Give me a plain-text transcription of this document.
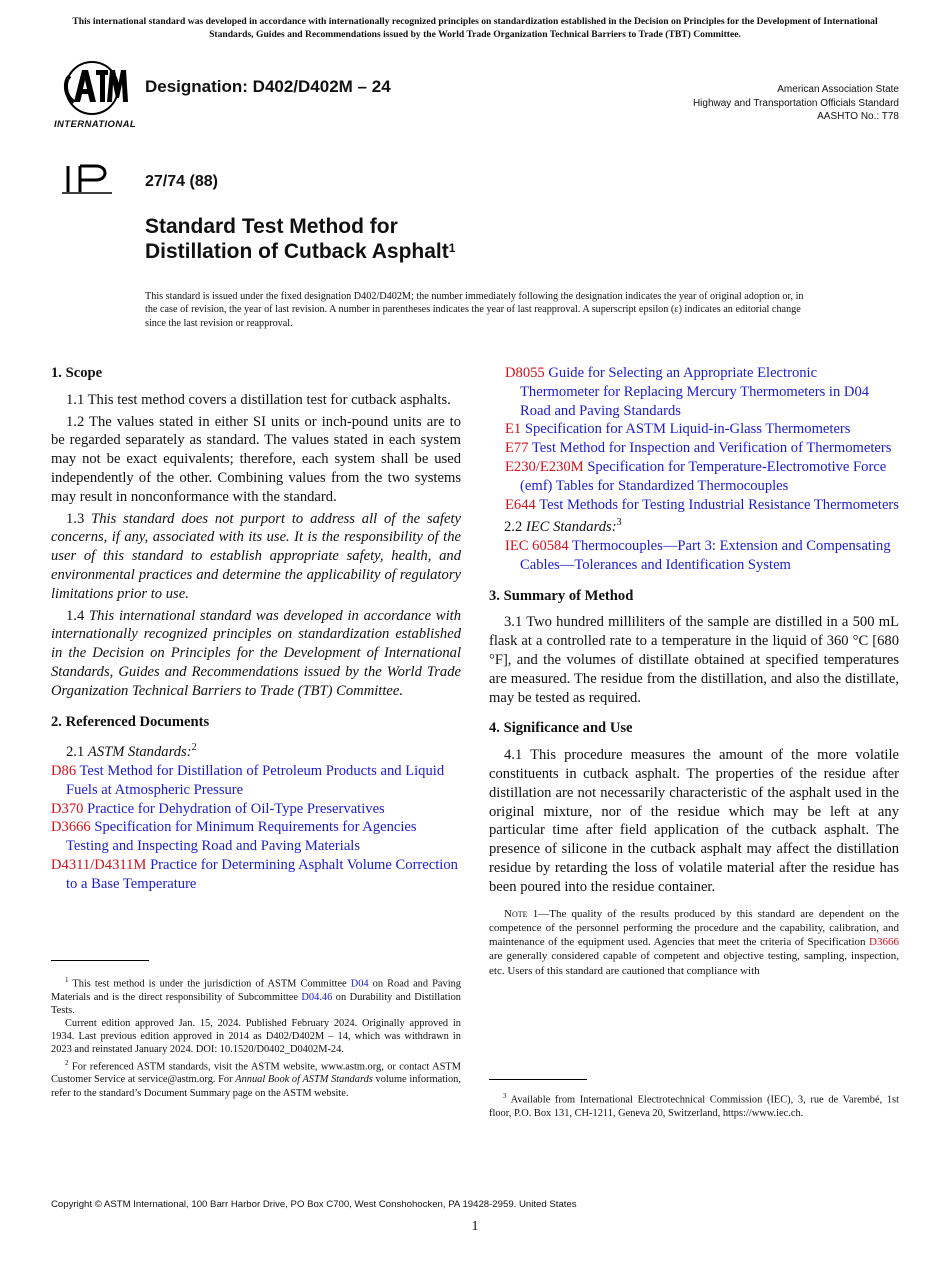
This international standard was developed in accordance with internationally recognized principles on standardization established in the Decision on Principles for the Development of International Standards, Guides and Recommendations issued by the World Trade Organization Technical Barriers to Trade (TBT) Committee.
INTERNATIONAL
Designation: D402/D402M – 24	American Association State
Highway and Transportation Officials Standard
AASHTO No.: T78
27/74 (88)
Standard Test Method for
Distillation of Cutback Asphalt$^1$
This standard is issued under the fixed designation D402/D402M; the number immediately following the designation indicates the year of original adoption or, in the case of revision, the year of last revision. A number in parentheses indicates the year of last reapproval. A superscript epsilon (ε) indicates an editorial change since the last revision or reapproval.
1. Scope

1.1 This test method covers a distillation test for cutback asphalts.

1.2 The values stated in either SI units or inch-pound units are to be regarded separately as standard. The values stated in each system may not be exact equivalents; therefore, each system shall be used independently of the other. Combining values from the two systems may result in nonconformance with the standard.

1.3 This standard does not purport to address all of the safety concerns, if any, associated with its use. It is the responsibility of the user of this standard to establish appropriate safety, health, and environmental practices and determine the applicability of regulatory limitations prior to use.

1.4 This international standard was developed in accordance with internationally recognized principles on standardization established in the Decision on Principles for the Development of International Standards, Guides and Recommendations issued by the World Trade Organization Technical Barriers to Trade (TBT) Committee.

2. Referenced Documents

2.1 ASTM Standards:$^2$

D86 Test Method for Distillation of Petroleum Products and Liquid Fuels at Atmospheric Pressure

D370 Practice for Dehydration of Oil-Type Preservatives

D3666 Specification for Minimum Requirements for Agencies Testing and Inspecting Road and Paving Materials

D4311/D4311M Practice for Determining Asphalt Volume Correction to a Base Temperature

$^1$ This test method is under the jurisdiction of ASTM Committee D04 on Road and Paving Materials and is the direct responsibility of Subcommittee D04.46 on Durability and Distillation Tests.

Current edition approved Jan. 15, 2024. Published February 2024. Originally approved in 1934. Last previous edition approved in 2014 as D402/D402M – 14, which was withdrawn in 2023 and reinstated January 2024. DOI: 10.1520/D0402_D0402M-24.

$^2$ For referenced ASTM standards, visit the ASTM website, www.astm.org, or contact ASTM Customer Service at service@astm.org. For Annual Book of ASTM Standards volume information, refer to the standard’s Document Summary page on the ASTM website.

D8055 Guide for Selecting an Appropriate Electronic Thermometer for Replacing Mercury Thermometers in D04 Road and Paving Standards

E1 Specification for ASTM Liquid-in-Glass Thermometers

E77 Test Method for Inspection and Verification of Thermometers

E230/E230M Specification for Temperature-Electromotive Force (emf) Tables for Standardized Thermocouples

E644 Test Methods for Testing Industrial Resistance Thermometers

2.2 IEC Standards:$^3$

IEC 60584 Thermocouples—Part 3: Extension and Compensating Cables—Tolerances and Identification System

3. Summary of Method

3.1 Two hundred milliliters of the sample are distilled in a 500 mL flask at a controlled rate to a temperature in the liquid of 360 °C [680 °F], and the volumes of distillate obtained at specified temperatures are measured. The residue from the distillation, and also the distillate, may be tested as required.

4. Significance and Use

4.1 This procedure measures the amount of the more volatile constituents in cutback asphalt. The properties of the residue after distillation are not necessarily characteristic of the asphalt used in the original mixture, nor of the residue which may be left at any particular time after field application of the cutback asphalt. The presence of silicone in the cutback asphalt may affect the distillation residue by retarding the loss of volatile material after the residue has been poured into the residue container.

Note 1—The quality of the results produced by this standard are dependent on the competence of the personnel performing the procedure and the capability, calibration, and maintenance of the equipment used. Agencies that meet the criteria of Specification D3666 are generally considered capable of competent and objective testing, sampling, inspection, etc. Users of this standard are cautioned that compliance with

$^3$ Available from International Electrotechnical Commission (IEC), 3, rue de Varembé, 1st floor, P.O. Box 131, CH-1211, Geneva 20, Switzerland, https://www.iec.ch.

Copyright © ASTM International, 100 Barr Harbor Drive, PO Box C700, West Conshohocken, PA 19428-2959. United States
1
